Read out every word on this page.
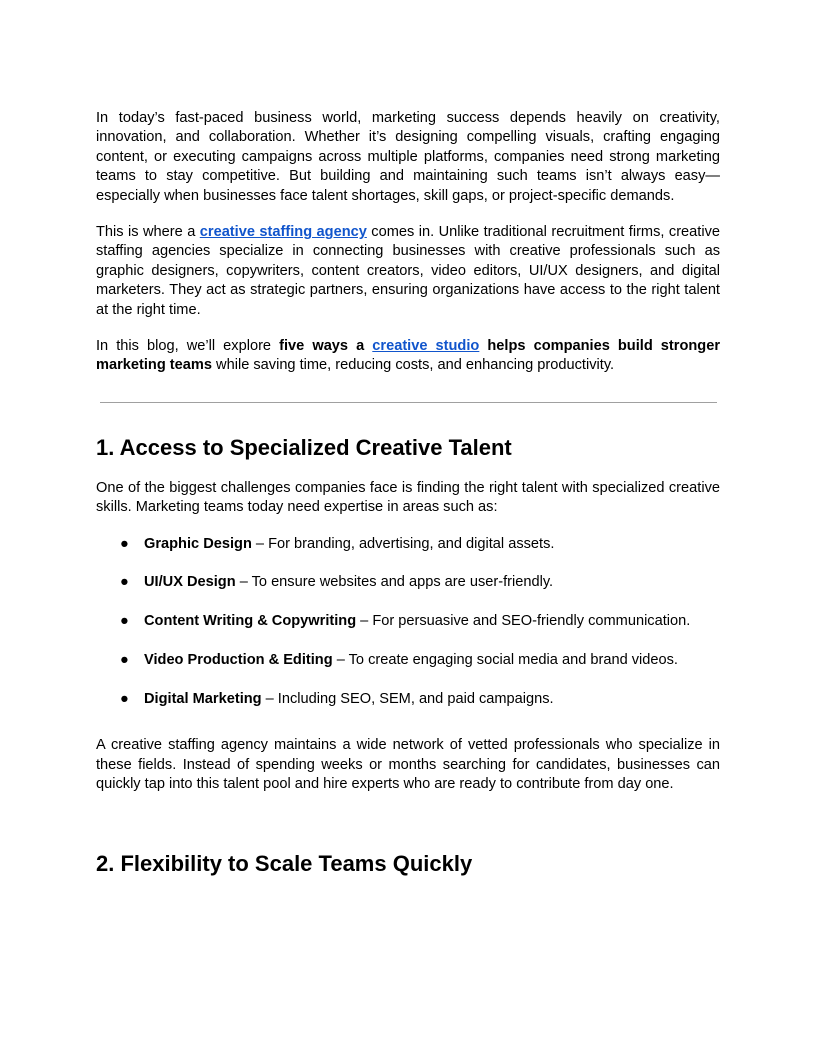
In today’s fast-paced business world, marketing success depends heavily on creativity, innovation, and collaboration. Whether it’s designing compelling visuals, crafting engaging content, or executing campaigns across multiple platforms, companies need strong marketing teams to stay competitive. But building and maintaining such teams isn’t always easy—especially when businesses face talent shortages, skill gaps, or project-specific demands.

This is where a creative staffing agency comes in. Unlike traditional recruitment firms, creative staffing agencies specialize in connecting businesses with creative professionals such as graphic designers, copywriters, content creators, video editors, UI/UX designers, and digital marketers. They act as strategic partners, ensuring organizations have access to the right talent at the right time.

In this blog, we’ll explore five ways a creative studio helps companies build stronger marketing teams while saving time, reducing costs, and enhancing productivity.

1. Access to Specialized Creative Talent

One of the biggest challenges companies face is finding the right talent with specialized creative skills. Marketing teams today need expertise in areas such as:

● Graphic Design – For branding, advertising, and digital assets.
● UI/UX Design – To ensure websites and apps are user-friendly.
● Content Writing & Copywriting – For persuasive and SEO-friendly communication.
● Video Production & Editing – To create engaging social media and brand videos.
● Digital Marketing – Including SEO, SEM, and paid campaigns.

A creative staffing agency maintains a wide network of vetted professionals who specialize in these fields. Instead of spending weeks or months searching for candidates, businesses can quickly tap into this talent pool and hire experts who are ready to contribute from day one.

2. Flexibility to Scale Teams Quickly
